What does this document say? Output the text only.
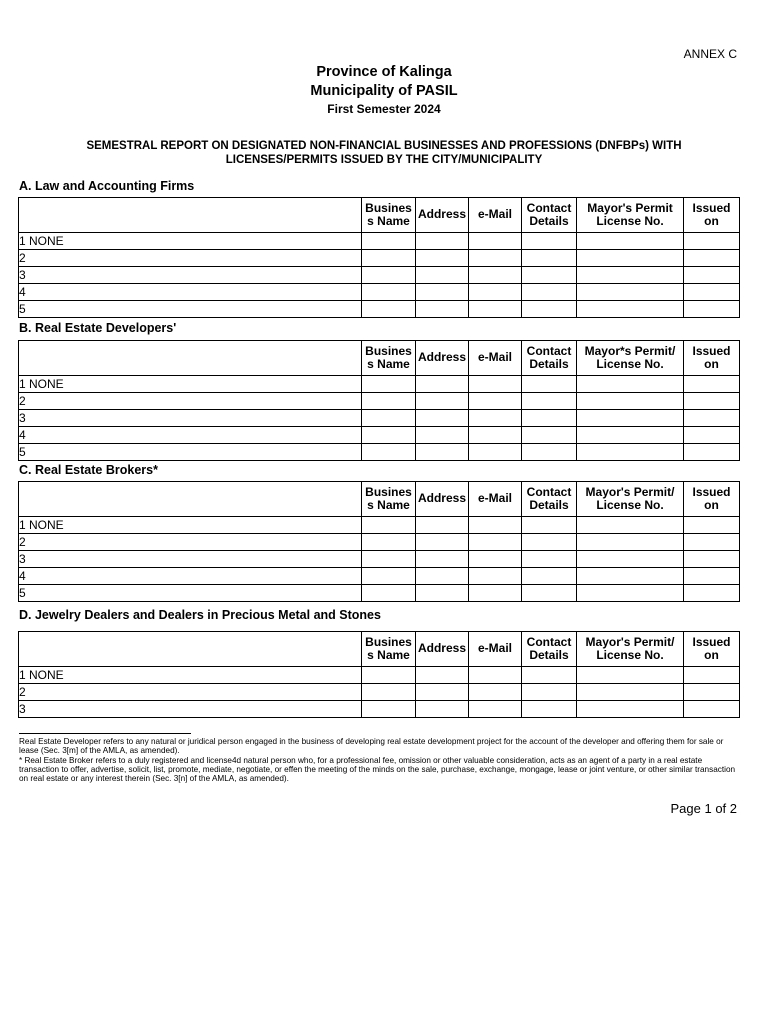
ANNEX C
Province of Kalinga
Municipality of PASIL
First Semester 2024
SEMESTRAL REPORT ON DESIGNATED NON-FINANCIAL BUSINESSES AND PROFESSIONS (DNFBPs) WITH
LICENSES/PERMITS ISSUED BY THE CITY/MUNICIPALITY
A. Law and Accounting Firms
	Busines s Name	Address	e-Mail	Contact Details	Mayor's Permit License No.	Issued on
1 NONE						
2						
3						
4						
5						
B. Real Estate Developers'
	Busines s Name	Address	e-Mail	Contact Details	Mayor*s Permit/ License No.	Issued on
1 NONE						
2						
3						
4						
5						
C. Real Estate Brokers*
	Busines s Name	Address	e-Mail	Contact Details	Mayor's Permit/ License No.	Issued on
1 NONE						
2						
3						
4						
5						
D. Jewelry Dealers and Dealers in Precious Metal and Stones
	Busines s Name	Address	e-Mail	Contact Details	Mayor's Permit/ License No.	Issued on
1 NONE						
2						
3						
Real Estate Developer refers to any natural or juridical person engaged in the business of developing real estate development project for the account of the developer and offering them for sale or lease (Sec. 3[m] of the AMLA, as amended).
* Real Estate Broker refers to a duly registered and license4d natural person who, for a professional fee, omission or other valuable consideration, acts as an agent of a party in a real estate transaction to offer, advertise, solicit, list, promote, mediate, negotiate, or effen the meeting of the minds on the sale, purchase, exchange, mongage, lease or joint venture, or other similar transaction on real estate or any interest therein (Sec. 3[n] of the AMLA, as amended).
Page 1 of 2
